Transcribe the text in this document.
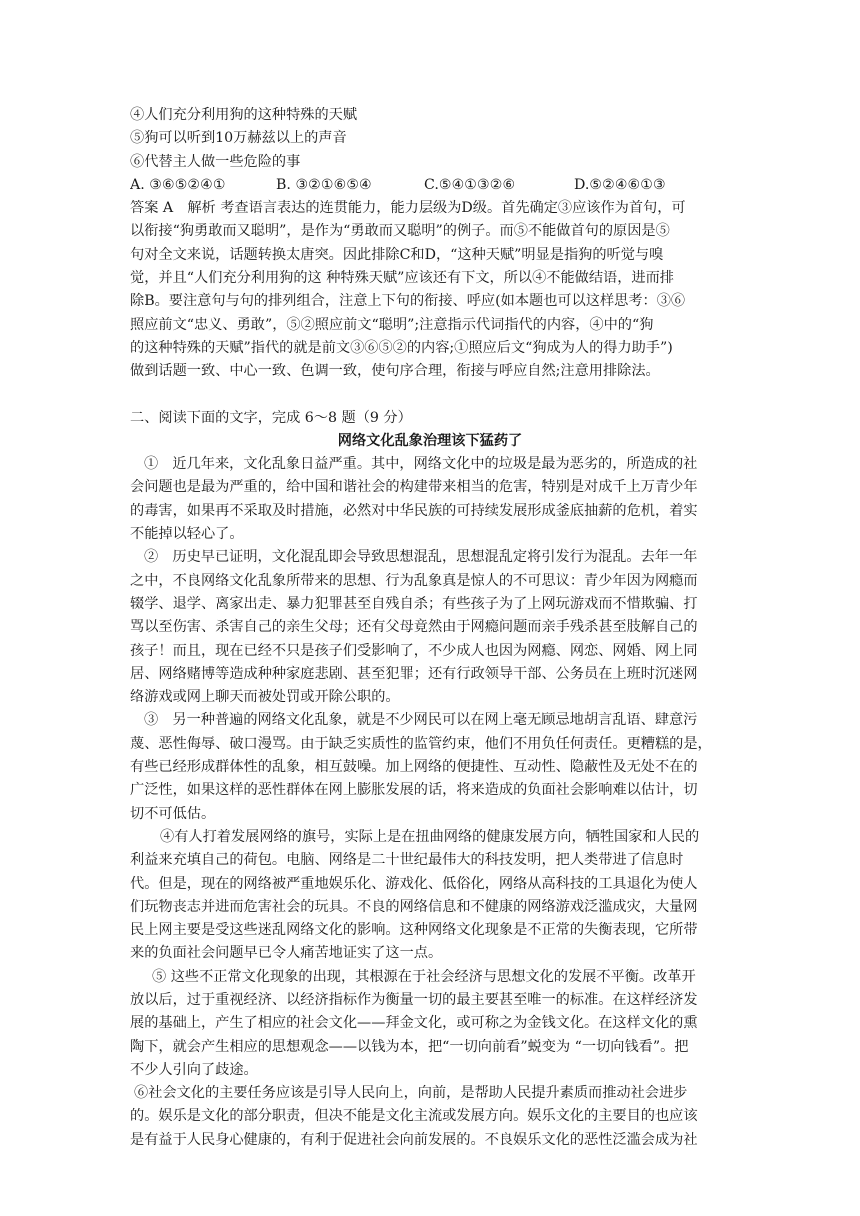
④人们充分利用狗的这种特殊的天赋
⑤狗可以听到10万赫兹以上的声音
⑥代替主人做一些危险的事
A. ③⑥⑤②④①	B. ③②①⑥⑤④	C.⑤④①③②⑥	D.⑤②④⑥①③
答案 A　解析 考查语言表达的连贯能力，能力层级为D级。首先确定③应该作为首句，可
以衔接“狗勇敢而又聪明”，是作为“勇敢而又聪明”的例子。而⑤不能做首句的原因是⑤
句对全文来说，话题转换太唐突。因此排除C和D，“这种天赋”明显是指狗的听觉与嗅
觉，并且“人们充分利用狗的这 种特殊天赋”应该还有下文，所以④不能做结语，进而排
除B。要注意句与句的排列组合，注意上下句的衔接、呼应(如本题也可以这样思考：③⑥
照应前文“忠义、勇敢”，⑤②照应前文“聪明”;注意指示代词指代的内容，④中的“狗
的这种特殊的天赋”指代的就是前文③⑥⑤②的内容;①照应后文“狗成为人的得力助手”)
做到话题一致、中心一致、色调一致，使句序合理，衔接与呼应自然;注意用排除法。
二、阅读下面的文字，完成 6～8 题（9 分）
网络文化乱象治理该下猛药了
①　近几年来，文化乱象日益严重。其中，网络文化中的垃圾是最为恶劣的，所造成的社
会问题也是最为严重的，给中国和谐社会的构建带来相当的危害，特别是对成千上万青少年
的毒害，如果再不采取及时措施，必然对中华民族的可持续发展形成釜底抽薪的危机，着实
不能掉以轻心了。
②　历史早已证明，文化混乱即会导致思想混乱，思想混乱定将引发行为混乱。去年一年
之中，不良网络文化乱象所带来的思想、行为乱象真是惊人的不可思议：青少年因为网瘾而
辍学、退学、离家出走、暴力犯罪甚至自残自杀；有些孩子为了上网玩游戏而不惜欺骗、打
骂以至伤害、杀害自己的亲生父母；还有父母竟然由于网瘾问题而亲手残杀甚至肢解自己的
孩子！而且，现在已经不只是孩子们受影响了，不少成人也因为网瘾、网恋、网婚、网上同
居、网络赌博等造成种种家庭悲剧、甚至犯罪；还有行政领导干部、公务员在上班时沉迷网
络游戏或网上聊天而被处罚或开除公职的。
③　另一种普遍的网络文化乱象，就是不少网民可以在网上毫无顾忌地胡言乱语、肆意污
蔑、恶性侮辱、破口漫骂。由于缺乏实质性的监管约束，他们不用负任何责任。更糟糕的是，
有些已经形成群体性的乱象，相互鼓噪。加上网络的便捷性、互动性、隐蔽性及无处不在的
广泛性，如果这样的恶性群体在网上膨胀发展的话，将来造成的负面社会影响难以估计，切
切不可低估。
④有人打着发展网络的旗号，实际上是在扭曲网络的健康发展方向，牺牲国家和人民的
利益来充填自己的荷包。电脑、网络是二十世纪最伟大的科技发明，把人类带进了信息时
代。但是，现在的网络被严重地娱乐化、游戏化、低俗化，网络从高科技的工具退化为使人
们玩物丧志并进而危害社会的玩具。不良的网络信息和不健康的网络游戏泛滥成灾，大量网
民上网主要是受这些迷乱网络文化的影响。这种网络文化现象是不正常的失衡表现，它所带
来的负面社会问题早已令人痛苦地证实了这一点。
⑤ 这些不正常文化现象的出现，其根源在于社会经济与思想文化的发展不平衡。改革开
放以后，过于重视经济、以经济指标作为衡量一切的最主要甚至唯一的标准。在这样经济发
展的基础上，产生了相应的社会文化——拜金文化，或可称之为金钱文化。在这样文化的熏
陶下，就会产生相应的思想观念——以钱为本，把“一切向前看”蜕变为 “一切向钱看”。把
不少人引向了歧途。
⑥社会文化的主要任务应该是引导人民向上，向前，是帮助人民提升素质而推动社会进步
的。娱乐是文化的部分职责，但决不能是文化主流或发展方向。娱乐文化的主要目的也应该
是有益于人民身心健康的，有利于促进社会向前发展的。不良娱乐文化的恶性泛滥会成为社
